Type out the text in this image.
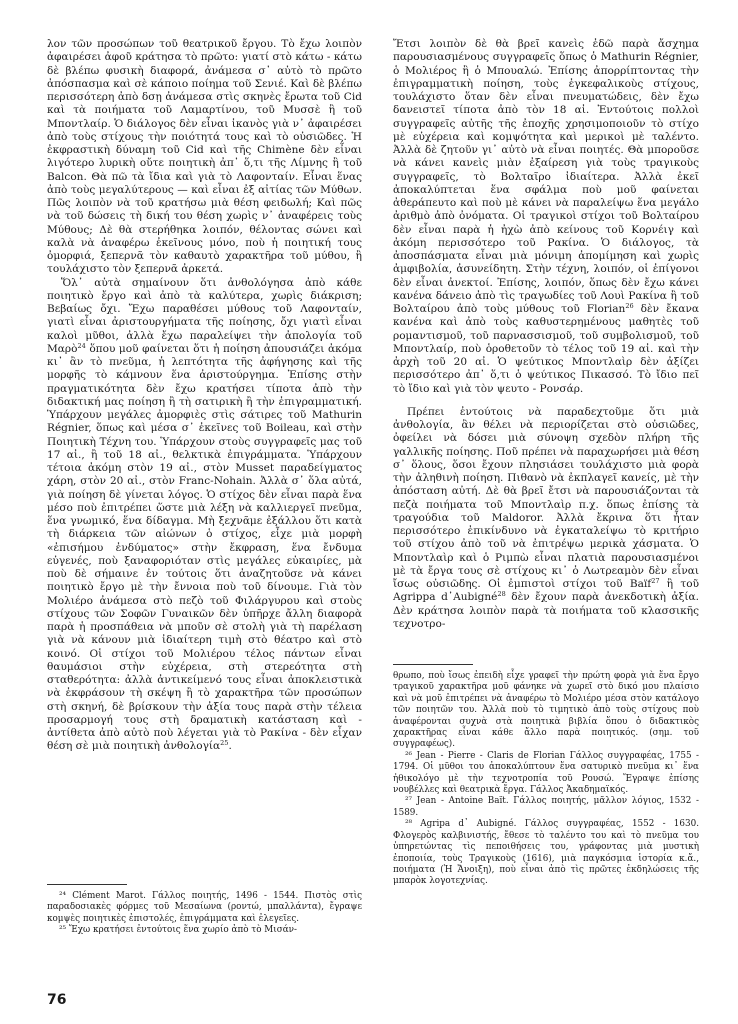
λον τῶν προσώπων τοῦ θεατρικοῦ ἔργου. Τὸ ἔχω λοιπὸν ἀφαιρέσει ἀφοῦ κράτησα τὸ πρῶτο: γιατί στὸ κάτω - κάτω δὲ βλέπω φυσικὴ διαφορά, ἀνάμεσα σ᾽ αὐτὸ τὸ πρῶτο ἀπόσπασμα καὶ σὲ κάποιο ποίημα τοῦ Σενιέ. Καὶ δὲ βλέπω περισσότερη ἀπὸ δσῃ ἀνάμεσα στὶς σκηνὲς ἔρωτα τοῦ Cid καὶ τὰ ποιήματα τοῦ Λαμαρτίνου, τοῦ Μυσσὲ ἢ τοῦ Μποντλαίρ. Ὁ διάλογος δὲν εἶναι ἱκανὸς γιὰ ν᾽ ἀφαιρέσει ἀπὸ τοὺς στίχους τὴν ποιότητά τους καὶ τὸ οὐσιῶδες. Ἡ ἐκφραστικὴ δύναμη τοῦ Cid καὶ τῆς Chimène δὲν εἶναι λιγότερο λυρικὴ οὔτε ποιητικὴ ἀπ᾽ ὅ,τι τῆς Λίμνης ἢ τοῦ Balcon. Θὰ πῶ τὰ ἴδια καὶ γιὰ τὸ Λαφονταίν. Εἶναι ἕνας ἀπὸ τοὺς μεγαλύτερους — καὶ εἶναι ἐξ αἰτίας τῶν Μύθων. Πῶς λοιπὸν νὰ τοῦ κρατήσω μιὰ θέση φειδωλή; Καὶ πῶς νὰ τοῦ δώσεις τὴ δική του θέση χωρὶς ν᾽ ἀναφέρεις τοὺς Μύθους; Δὲ θὰ στερήθηκα λοιπόν, θέλοντας σώνει καὶ καλὰ νὰ ἀναφέρω ἐκεῖνους μόνο, ποὺ ἡ ποιητική τους ὀμορφιά, ξεπερνᾶ τὸν καθαυτὸ χαρακτῆρα τοῦ μύθου, ἢ τουλάχιστο τὸν ξεπερνᾶ ἀρκετά.

Ὅλ᾽ αὐτὰ σημαίνουν ὅτι ἀνθολόγησα ἀπὸ κάθε ποιητικὸ ἔργο καὶ ἀπὸ τὰ καλύτερα, χωρὶς διάκριση; Βεβαίως ὄχι. Ἔχω παραθέσει μύθους τοῦ Λαφονταίν, γιατὶ εἶναι ἀριστουργήματα τῆς ποίησης, ὄχι γιατὶ εἶναι καλοὶ μῦθοι, ἀλλὰ ἔχω παραλείψει τὴν ἀπολογία τοῦ Μαρὸ$^{24}$ ὅπου μοῦ φαίνεται ὅτι ἡ ποίηση ἀπουσιάζει ἀκόμα κι᾽ ἂν τὸ πνεῦμα, ἡ λεπτότητα τῆς ἀφήγησης καὶ τῆς μορφῆς τὸ κάμνουν ἕνα ἀριστούργημα. Ἐπίσης στὴν πραγματικότητα δὲν ἔχω κρατήσει τίποτα ἀπὸ τὴν διδακτική μας ποίηση ἢ τὴ σατιρικὴ ἢ τὴν ἐπιγραμματική. Ὑπάρχουν μεγάλες ἀμορφιὲς στὶς σάτιρες τοῦ Mathurin Régnier, ὅπως καὶ μέσα σ᾽ ἐκεῖνες τοῦ Boileau, καὶ στὴν Ποιητικὴ Τέχνη του. Ὑπάρχουν στοὺς συγγραφεῖς μας τοῦ 17 αἰ., ἢ τοῦ 18 αἰ., θελκτικὰ ἐπιγράμματα. Ὑπάρχουν τέτοια ἀκόμη στὸν 19 αἰ., στὸν Musset παραδείγματος χάρη, στὸν 20 αἰ., στὸν Franc-Nohain. Ἀλλὰ σ᾽ ὅλα αὐτά, γιὰ ποίηση δὲ γίνεται λόγος. Ὁ στίχος δὲν εἶναι παρὰ ἕνα μέσο ποὺ ἐπιτρέπει ὥστε μιὰ λέξη νὰ καλλιεργεῖ πνεῦμα, ἕνα γνωμικό, ἕνα δίδαγμα. Μὴ ξεχνᾶμε ἐξάλλου ὅτι κατὰ τὴ διάρκεια τῶν αἰώνων ὁ στίχος, εἶχε μιὰ μορφὴ «ἐπισήμου ἐνδύματος» στὴν ἔκφραση, ἕνα ἔνδυμα εὐγενές, ποὺ ξαναφοριόταν στὶς μεγάλες εὐκαιρίες, μὰ ποὺ δὲ σήμαινε ἐν τούτοις ὅτι ἀναζητοῦσε νὰ κάνει ποιητικὸ ἔργο μὲ τὴν ἔννοια ποὺ τοῦ δίνουμε. Γιὰ τὸν Μολιέρο ἀνάμεσα στὸ πεζὸ τοῦ Φιλάργυρου καὶ στοὺς στίχους τῶν Σοφῶν Γυναικῶν δὲν ὑπῆρχε ἄλλη διαφορὰ παρὰ ἡ προσπάθεια νὰ μποῦν σὲ στολὴ γιὰ τὴ παρέλαση γιὰ νὰ κάνουν μιὰ ἰδιαίτερη τιμὴ στὸ θέατρο καὶ στὸ κοινό. Οἱ στίχοι τοῦ Μολιέρου τέλος πάντων εἶναι θαυμάσιοι στὴν εὐχέρεια, στὴ στερεότητα στὴ σταθερότητα: ἀλλὰ ἀντικείμενό τους εἶναι ἀποκλειστικὰ νὰ ἐκφράσουν τὴ σκέψη ἢ τὸ χαρακτῆρα τῶν προσώπων στὴ σκηνή, δὲ βρίσκουν τὴν ἀξία τους παρὰ στὴν τέλεια προσαρμογή τους στὴ δραματικὴ κατάσταση καὶ - ἀντίθετα ἀπὸ αὐτὸ ποὺ λέγεται γιὰ τὸ Ρακίνα - δὲν εἶχαν θέση σὲ μιὰ ποιητικὴ ἀνθολογία$^{25}$.

Ἔτσι λοιπὸν δὲ θὰ βρεῖ κανεὶς ἐδῶ παρὰ ἄσχημα παρουσιασμένους συγγραφεῖς ὅπως ὁ Mathurin Régnier, ὁ Μολιέρος ἢ ὁ Μπουαλώ. Ἐπίσης ἀπορρίπτοντας τὴν ἐπιγραμματικὴ ποίηση, τοὺς ἐγκεφαλικοὺς στίχους, τουλάχιστο ὅταν δὲν εἶναι πνευματώδεις, δὲν ἔχω δανειστεῖ τίποτα ἀπὸ τὸν 18 αἰ. Ἐντούτοις πολλοὶ συγγραφεῖς αὐτῆς τῆς ἐποχῆς χρησιμοποιοῦν τὸ στίχο μὲ εὐχέρεια καὶ κομψότητα καὶ μερικοὶ μὲ ταλέντο. Ἀλλὰ δὲ ζητοῦν γι᾽ αὐτὸ νὰ εἶναι ποιητές. Θὰ μποροῦσε νὰ κάνει κανεὶς μιὰν ἐξαίρεση γιὰ τοὺς τραγικοὺς συγγραφεῖς, τὸ Βολταῖρο ἰδιαίτερα. Ἀλλὰ ἐκεῖ ἀποκαλύπτεται ἕνα σφάλμα ποὺ μοῦ φαίνεται ἀθεράπευτο καὶ ποὺ μὲ κάνει νὰ παραλείψω ἕνα μεγάλο ἀριθμὸ ἀπὸ ὀνόματα. Οἱ τραγικοὶ στίχοι τοῦ Βολταίρου δὲν εἶναι παρὰ ἡ ἠχὼ ἀπὸ κείνους τοῦ Κορνέιγ καὶ ἀκόμη περισσότερο τοῦ Ρακίνα. Ὁ διάλογος, τὰ ἀποσπάσματα εἶναι μιὰ μόνιμη ἀπομίμηση καὶ χωρὶς ἀμφιβολία, ἀσυνείδητη. Στὴν τέχνη, λοιπόν, οἱ ἐπίγονοι δὲν εἶναι ἀνεκτοί. Ἐπίσης, λοιπόν, ὅπως δὲν ἔχω κάνει κανένα δάνειο ἀπὸ τὶς τραγωδίες τοῦ Λουὶ Ρακίνα ἢ τοῦ Βολταίρου ἀπὸ τοὺς μύθους τοῦ Florian$^{26}$ δὲν ἔκανα κανένα καὶ ἀπὸ τοὺς καθυστερημένους μαθητὲς τοῦ ρομαντισμοῦ, τοῦ παρνασσισμοῦ, τοῦ συμβολισμοῦ, τοῦ Μποντλαίρ, ποὺ ὁροθετοῦν τὸ τέλος τοῦ 19 αἰ. καὶ τὴν ἀρχὴ τοῦ 20 αἰ. Ὁ ψεύτικος Μποντλαὶρ δὲν ἀξίζει περισσότερο ἀπ᾽ ὅ,τι ὁ ψεύτικος Πικασσό. Τὸ ἴδιο πεῖ τὸ ἴδιο καὶ γιὰ τὸν ψευτο - Ρονσάρ.

Πρέπει ἐντούτοις νὰ παραδεχτοῦμε ὅτι μιὰ ἀνθολογία, ἂν θέλει νὰ περιορίζεται στὸ οὐσιῶδες, ὀφείλει νὰ δόσει μιὰ σύνοψη σχεδὸν πλήρη τῆς γαλλικῆς ποίησης. Ποῦ πρέπει νὰ παραχωρήσει μιὰ θέση σ᾽ ὅλους, ὅσοι ἔχουν πλησιάσει τουλάχιστο μιὰ φορὰ τὴν ἀληθινὴ ποίηση. Πιθανὸ νὰ ἐκπλαγεῖ κανείς, μὲ τὴν ἀπόσταση αὐτή. Δὲ θὰ βρεῖ ἔτσι νὰ παρουσιάζονται τὰ πεζὰ ποιήματα τοῦ Μποντλαὶρ π.χ. ὅπως ἐπίσης τὰ τραγούδια τοῦ Maldoror. Ἀλλὰ ἔκρινα ὅτι ἦταν περισσότερο ἐπικίνδυνο νὰ ἐγκαταλείψω τὸ κριτήριο τοῦ στίχου ἀπὸ τοῦ νὰ ἐπιτρέψω μερικὰ χάσματα. Ὁ Μποντλαὶρ καὶ ὁ Ριμπὼ εἶναι πλατιὰ παρουσιασμένοι μὲ τὰ ἔργα τους σὲ στίχους κι᾽ ὁ Λωτρεαμὸν δὲν εἶναι ἴσως οὐσιῶδης. Οἱ ἐμπιστοὶ στίχοι τοῦ Baïf$^{27}$ ἢ τοῦ Agrippa d᾽Aubigné$^{28}$ δὲν ἔχουν παρὰ ἀνεκδοτικὴ ἀξία. Δὲν κράτησα λοιπὸν παρὰ τὰ ποιήματα τοῦ κλασσικῆς τεχνοτρο-

²⁴ Clément Marot. Γάλλος ποιητής, 1496 - 1544. Πιστὸς στὶς παραδοσιακὲς φόρμες τοῦ Μεσαίωνα (ροντώ, μπαλλάντα), ἔγραψε κομψὲς ποιητικὲς ἐπιστολές, ἐπιγράμματα καὶ ἐλεγεῖες.

²⁵ Ἔχω κρατήσει ἐντούτοις ἕνα χωρίο ἀπὸ τὸ Μισάν-

θρωπο, ποὺ ἴσως ἐπειδὴ εἶχε γραφεῖ τὴν πρώτη φορὰ γιὰ ἕνα ἔργο τραγικοῦ χαρακτῆρα μοῦ φάνηκε νὰ χωρεῖ στὸ δικό μου πλαίσιο καὶ νὰ μοῦ ἐπιτρέπει νὰ ἀναφέρω τὸ Μολιέρο μέσα στὸν κατάλογο τῶν ποιητῶν του. Ἀλλὰ ποὺ τὸ τιμητικὸ ἀπὸ τοὺς στίχους ποὺ ἀναφέρονται συχνὰ στὰ ποιητικὰ βιβλία ὅπου ὁ διδακτικὸς χαρακτῆρας εἶναι κάθε ἄλλο παρὰ ποιητικός. (σημ. τοῦ συγγραφέως).

²⁶ Jean - Pierre - Claris de Florian Γάλλος συγγραφέας, 1755 - 1794. Οἱ μῦθοι του ἀποκαλύπτουν ἕνα σατυρικὸ πνεῦμα κι᾽ ἕνα ἠθικολόγο μὲ τὴν τεχνοτροπία τοῦ Ρουσώ. Ἔγραψε ἐπίσης νουβέλλες καὶ θεατρικὰ ἔργα. Γάλλος Ἀκαδημαϊκός.

²⁷ Jean - Antoine Baït. Γάλλος ποιητής, μᾶλλον λόγιος, 1532 - 1589.

²⁸ Agripa d᾽ Aubigné. Γάλλος συγγραφέας, 1552 - 1630. Φλογερὸς καλβινιστής, ἔθεσε τὸ ταλέντο του καὶ τὸ πνεῦμα του ὑπηρετώντας τὶς πεποιθήσεις του, γράφοντας μιὰ μυστικὴ ἐποποιία, τοὺς Τραγικοὺς (1616), μιὰ παγκόσμια ἱστορία κ.ἄ., ποιήματα (Ἡ Ἄνοιξη), ποὺ εἶναι ἀπὸ τὶς πρῶτες ἐκδηλώσεις τῆς μπαρὸκ λογοτεχνίας.

76
